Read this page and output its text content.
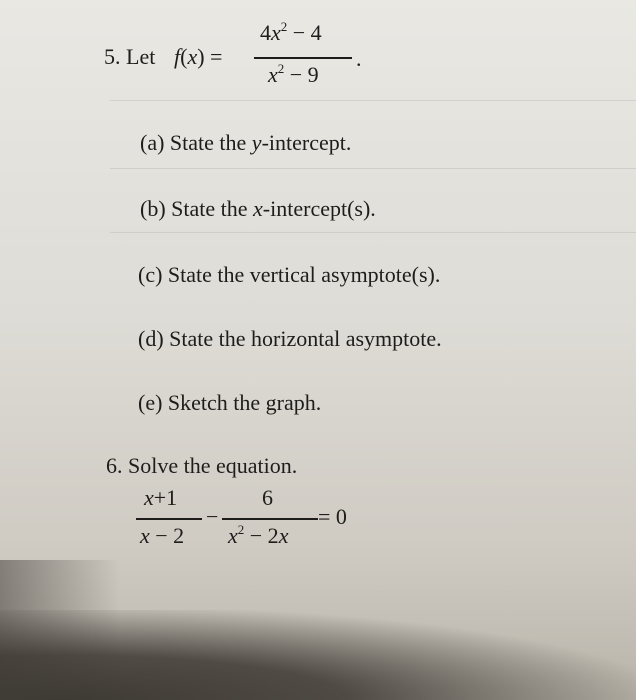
5. Let f(x) =
$4x^2 - 4$
$x^2 - 9$
.
(a) State the y-intercept.
(b) State the x-intercept(s).
(c) State the vertical asymptote(s).
(d) State the horizontal asymptote.
(e) Sketch the graph.
6. Solve the equation.
x+1
x − 2
−
6
$x^2 - 2x$
= 0
